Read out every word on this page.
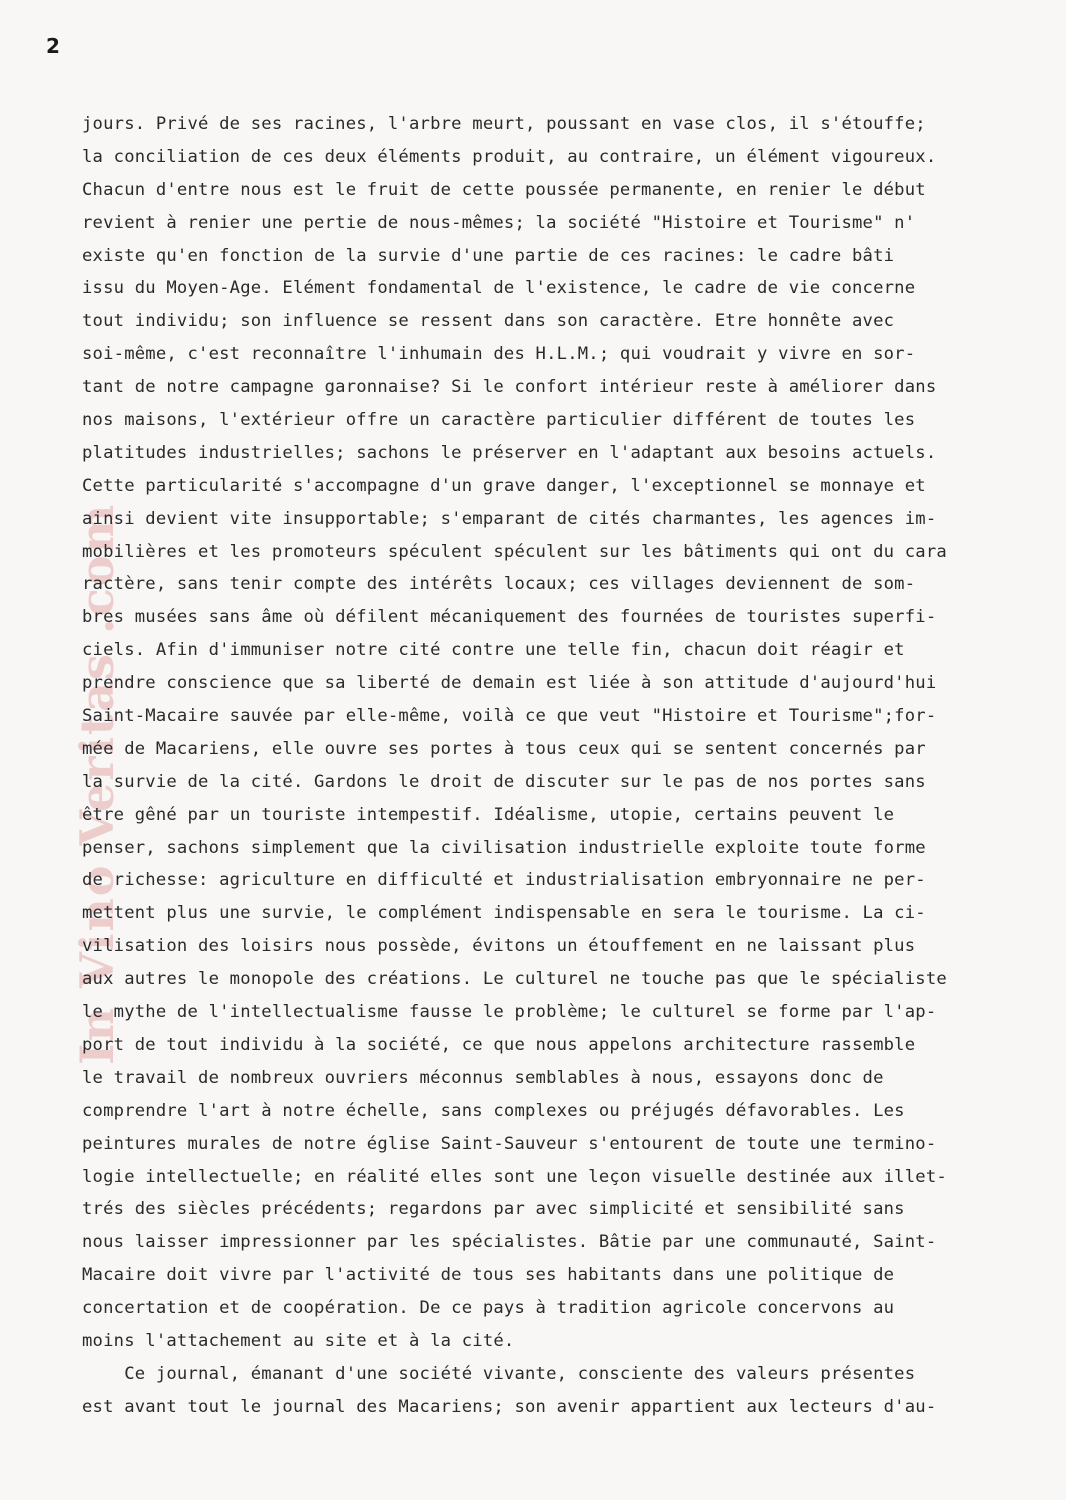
2
In Vino Veritas .com
jours. Privé de ses racines, l'arbre meurt, poussant en vase clos, il s'étouffe;
la conciliation de ces deux éléments produit, au contraire, un élément vigoureux.
Chacun d'entre nous est le fruit de cette poussée permanente, en renier le début
revient à renier une pertie de nous-mêmes; la société "Histoire et Tourisme" n'
existe qu'en fonction de la survie d'une partie de ces racines: le cadre bâti
issu du Moyen-Age. Elément fondamental de l'existence, le cadre de vie concerne
tout individu; son influence se ressent dans son caractère. Etre honnête avec
soi-même, c'est reconnaître l'inhumain des H.L.M.; qui voudrait y vivre en sor-
tant de notre campagne garonnaise? Si le confort intérieur reste à améliorer dans
nos maisons, l'extérieur offre un caractère particulier différent de toutes les
platitudes industrielles; sachons le préserver en l'adaptant aux besoins actuels.
Cette particularité s'accompagne d'un grave danger, l'exceptionnel se monnaye et
ainsi devient vite insupportable; s'emparant de cités charmantes, les agences im-
mobilières et les promoteurs spéculent spéculent sur les bâtiments qui ont du cara
ractère, sans tenir compte des intérêts locaux; ces villages deviennent de som-
bres musées sans âme où défilent mécaniquement des fournées de touristes superfi-
ciels. Afin d'immuniser notre cité contre une telle fin, chacun doit réagir et
prendre conscience que sa liberté de demain est liée à son attitude d'aujourd'hui
Saint-Macaire sauvée par elle-même, voilà ce que veut "Histoire et Tourisme";for-
mée de Macariens, elle ouvre ses portes à tous ceux qui se sentent concernés par
la survie de la cité. Gardons le droit de discuter sur le pas de nos portes sans
être gêné par un touriste intempestif. Idéalisme, utopie, certains peuvent le
penser, sachons simplement que la civilisation industrielle exploite toute forme
de richesse: agriculture en difficulté et industrialisation embryonnaire ne per-
mettent plus une survie, le complément indispensable en sera le tourisme. La ci-
vilisation des loisirs nous possède, évitons un étouffement en ne laissant plus
aux autres le monopole des créations. Le culturel ne touche pas que le spécialiste
le mythe de l'intellectualisme fausse le problème; le culturel se forme par l'ap-
port de tout individu à la société, ce que nous appelons architecture rassemble
le travail de nombreux ouvriers méconnus semblables à nous, essayons donc de
comprendre l'art à notre échelle, sans complexes ou préjugés défavorables. Les
peintures murales de notre église Saint-Sauveur s'entourent de toute une termino-
logie intellectuelle; en réalité elles sont une leçon visuelle destinée aux illet-
trés des siècles précédents; regardons par avec simplicité et sensibilité sans
nous laisser impressionner par les spécialistes. Bâtie par une communauté, Saint-
Macaire doit vivre par l'activité de tous ses habitants dans une politique de
concertation et de coopération. De ce pays à tradition agricole concervons au
moins l'attachement au site et à la cité.
Ce journal, émanant d'une société vivante, consciente des valeurs présentes
est avant tout le journal des Macariens; son avenir appartient aux lecteurs d'au-
